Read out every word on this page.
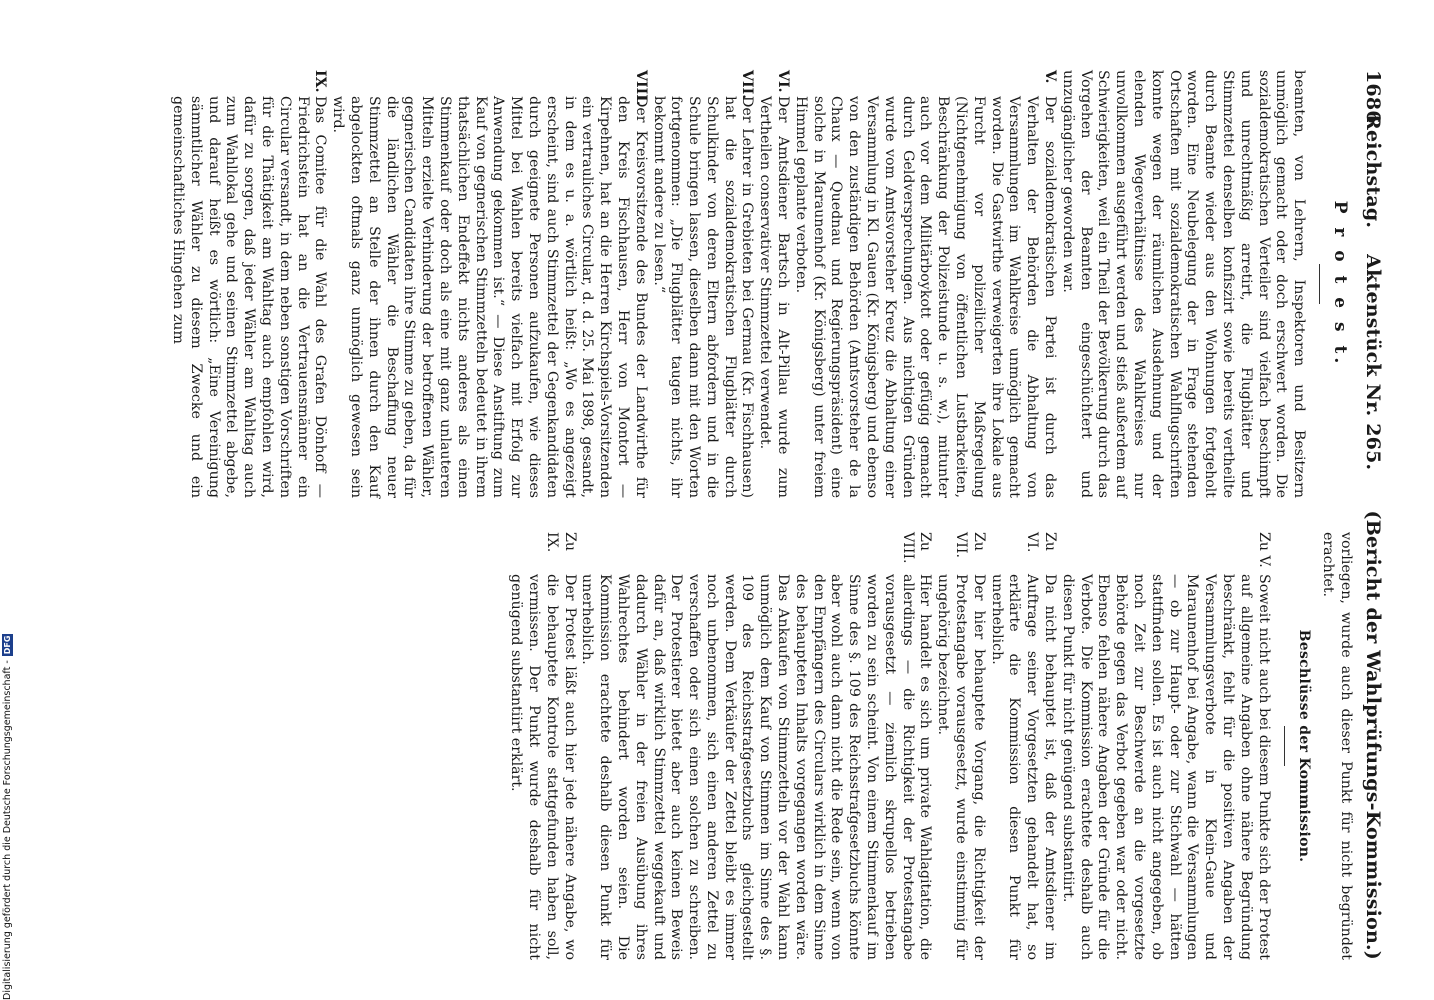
1686
Reichstag.
Aktenstück Nr. 265.
(Bericht der Wahlprüfungs-Kommission.)
P r o t e s t.

beamten, von Lehrern, Inspektoren und Besitzern unmöglich gemacht oder doch erschwert worden. Die sozialdemokratischen Verteiler sind vielfach beschimpft und unrechtmäßig arretirt, die Flugblätter und Stimmzettel denselben konfiszirt sowie bereits vertheilte durch Beamte wieder aus den Wohnungen fortgeholt worden. Eine Neubelegung der in Frage stehenden Ortschaften mit sozialdemokratischen Wahlflugschriften konnte wegen der räumlichen Ausdehnung und der elenden Wegeverhältnisse des Wahlkreises nur unvollkommen ausgeführt werden und stieß außerdem auf Schwierigkeiten, weil ein Theil der Bevölkerung durch das Vorgehen der Beamten eingeschüchtert und unzugänglicher geworden war.

V.
Der sozialdemokratischen Partei ist durch das Verhalten der Behörden die Abhaltung von Versammlungen im Wahlkreise unmöglich gemacht worden. Die Gastwirthe verweigerten ihre Lokale aus Furcht vor polizeilicher Maßregelung (Nichtgenehmigung von öffentlichen Lustbarkeiten, Beschränkung der Polizeistunde u. s. w.), mitunter auch vor dem Militärboykott oder gefügig gemacht durch Geldversprechungen. Aus nichtigen Gründen wurde vom Amtsvorsteher Kreuz die Abhaltung einer Versammlung in Kl. Gauen (Kr. Königsberg) und ebenso von den zuständigen Behörden (Amtsvorsteher de la Chaux — Quednau und Regierungspräsident) eine solche in Maraunenhof (Kr. Königsberg) unter freiem Himmel geplante verboten.
VI.
Der Amtsdiener Bartsch in Alt-Pillau wurde zum Vertheilen conservativer Stimmzettel verwendet.
VII.
Der Lehrer in Grebieten bei Germau (Kr. Fischhausen) hat die sozialdemokratischen Flugblätter durch Schulkinder von deren Eltern abfordern und in die Schule bringen lassen, dieselben dann mit den Worten fortgenommen: „Die Flugblätter taugen nichts, ihr bekommt andere zu lesen.“
VIII.
Der Kreisvorsitzende des Bundes der Landwirthe für den Kreis Fischhausen, Herr von Montort — Kirpehnen, hat an die Herren Kirchspiels-Vorsitzenden ein vertrauliches Circular, d. d. 25. Mai 1898, gesandt, in dem es u. a. wörtlich heißt: „Wo es angezeigt erscheint, sind auch Stimmzettel der Gegenkandidaten durch geeignete Personen aufzukaufen, wie dieses Mittel bei Wahlen bereits vielfach mit Erfolg zur Anwendung gekommen ist.“ — Diese Anstiftung zum Kauf von gegnerischen Stimmzetteln bedeutet in ihrem thatsächlichen Endeffekt nichts anderes als einen Stimmenkauf oder doch als eine mit ganz unlauteren Mitteln erzielte Verhinderung der betroffenen Wähler, gegnerischen Candidaten ihre Stimme zu geben, da für die ländlichen Wähler die Beschaffung neuer Stimmzettel an Stelle der ihnen durch den Kauf abgelockten oftmals ganz unmöglich gewesen sein wird.
IX.
Das Comitee für die Wahl des Grafen Dönhoff — Friedrichstein hat an die Vertrauensmänner ein Circular versandt, in dem neben sonstigen Vorschriften für die Thätigkeit am Wahltag auch empfohlen wird, dafür zu sorgen, daß jeder Wähler am Wahltag auch zum Wahllokal gehe und seinen Stimmzettel abgebe, und darauf heißt es wörtlich: „Eine Vereinigung sämmtlicher Wähler zu diesem Zwecke und ein gemeinschaftliches Hingehen zum

vorliegen, wurde auch dieser Punkt für nicht begründet erachtet.

Beschlüsse der Kommission.
Zu V.
Soweit nicht auch bei diesem Punkte sich der Protest auf allgemeine Angaben ohne nähere Begründung beschränkt, fehlt für die positiven Angaben der Versammlungsverbote in Klein-Gaue und Maraunenhof bei Angabe, wann die Versammlungen — ob zur Haupt- oder zur Stichwahl — hätten stattfinden sollen. Es ist auch nicht angegeben, ob noch Zeit zur Beschwerde an die vorgesetzte Behörde gegen das Verbot gegeben war oder nicht. Ebenso fehlen nähere Angaben der Gründe für die Verbote. Die Kommission erachtete deshalb auch diesen Punkt für nicht genügend substantiirt.
Zu VI.
Da nicht behauptet ist, daß der Amtsdiener im Auftrage seiner Vorgesetzten gehandelt hat, so erklärte die Kommission diesen Punkt für unerheblich.
Zu VII.
Der hier behauptete Vorgang, die Richtigkeit der Protestangabe vorausgesetzt, wurde einstimmig für ungehörig bezeichnet.
Zu VIII.
Hier handelt es sich um private Wahlagitation, die allerdings — die Richtigkeit der Protestangabe vorausgesetzt — ziemlich skrupellos betrieben worden zu sein scheint. Von einem Stimmenkauf im Sinne des §. 109 des Reichsstrafgesetzbuchs könnte aber wohl auch dann nicht die Rede sein, wenn von den Empfängern des Circulars wirklich in dem Sinne des behaupteten Inhalts vorgegangen worden wäre. Das Ankaufen von Stimmzetteln vor der Wahl kann unmöglich dem Kauf von Stimmen im Sinne des §. 109 des Reichsstrafgesetzbuchs gleichgestellt werden. Dem Verkäufer der Zettel bleibt es immer noch unbenommen, sich einen anderen Zettel zu verschaffen oder sich einen solchen zu schreiben. Der Protestierer bietet aber auch keinen Beweis dafür an, daß wirklich Stimmzettel weggekauft und dadurch Wähler in der freien Ausübung ihres Wahlrechtes behindert worden seien. Die Kommission erachtete deshalb diesen Punkt für unerheblich.
Zu IX.
Der Protest läßt auch hier jede nähere Angabe, wo die behauptete Kontrole stattgefunden haben soll, vermissen. Der Punkt wurde deshalb für nicht genügend substantiirt erklärt.
Digitalisierung gefördert durch die Deutsche Forschungsgemeinschaft -
DFG
